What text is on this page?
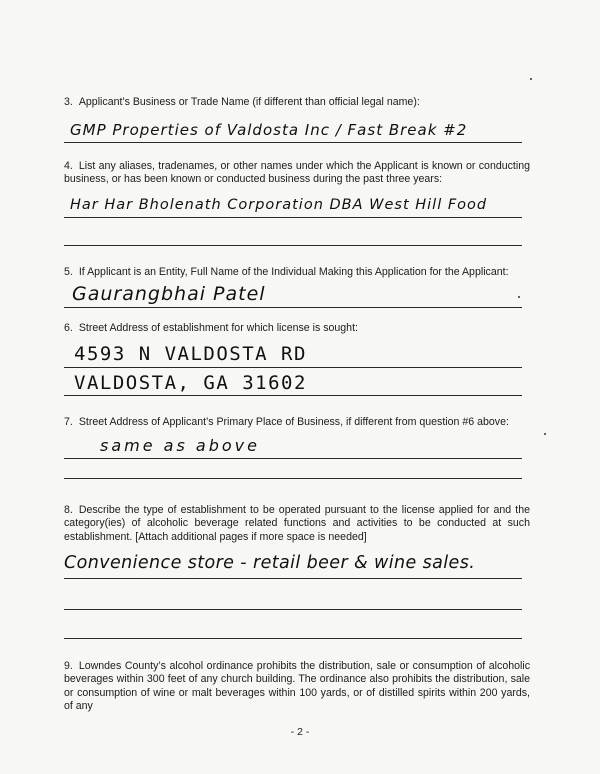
3. Applicant’s Business or Trade Name (if different than official legal name):
GMP Properties of Valdosta Inc / Fast Break #2
4. List any aliases, tradenames, or other names under which the Applicant is known or conducting business, or has been known or conducted business during the past three years:
Har Har Bholenath Corporation DBA West Hill Food
5. If Applicant is an Entity, Full Name of the Individual Making this Application for the Applicant:
Gaurangbhai Patel
6. Street Address of establishment for which license is sought:
4593 N VALDOSTA RD
VALDOSTA, GA 31602
7. Street Address of Applicant’s Primary Place of Business, if different from question #6 above:
same as above
8. Describe the type of establishment to be operated pursuant to the license applied for and the category(ies) of alcoholic beverage related functions and activities to be conducted at such establishment. [Attach additional pages if more space is needed]
Convenience store - retail beer & wine sales.
9. Lowndes County’s alcohol ordinance prohibits the distribution, sale or consumption of alcoholic beverages within 300 feet of any church building. The ordinance also prohibits the distribution, sale or consumption of wine or malt beverages within 100 yards, or of distilled spirits within 200 yards, of any
- 2 -
